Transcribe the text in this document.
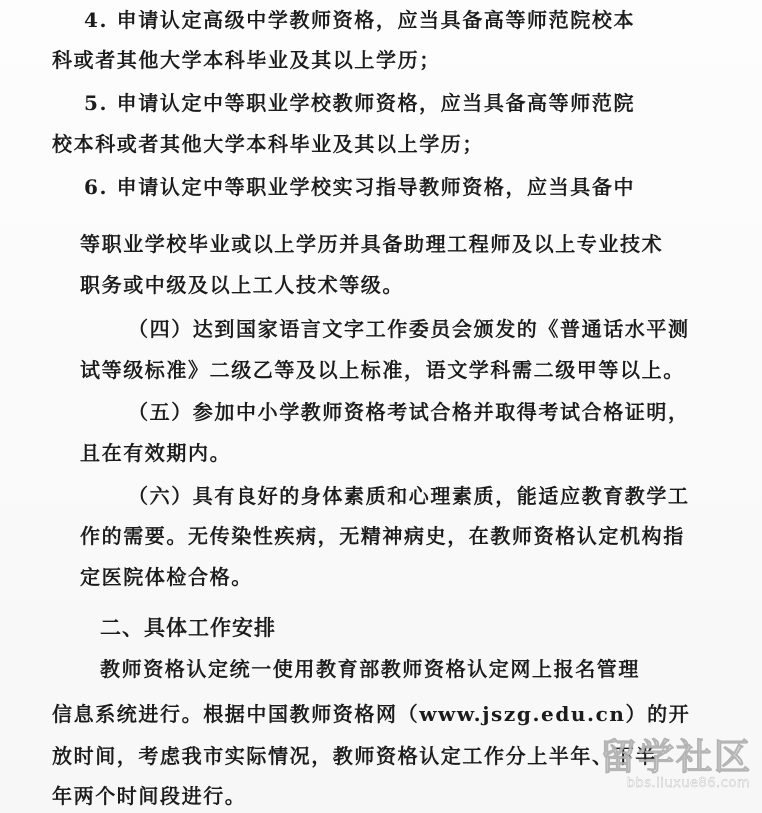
4. 申请认定高级中学教师资格，应当具备高等师范院校本
科或者其他大学本科毕业及其以上学历；
5. 申请认定中等职业学校教师资格，应当具备高等师范院
校本科或者其他大学本科毕业及其以上学历；
6. 申请认定中等职业学校实习指导教师资格，应当具备中
等职业学校毕业或以上学历并具备助理工程师及以上专业技术
职务或中级及以上工人技术等级。
（四）达到国家语言文字工作委员会颁发的《普通话水平测
试等级标准》二级乙等及以上标准，语文学科需二级甲等以上。
（五）参加中小学教师资格考试合格并取得考试合格证明，
且在有效期内。
（六）具有良好的身体素质和心理素质，能适应教育教学工
作的需要。无传染性疾病，无精神病史，在教师资格认定机构指
定医院体检合格。
二、具体工作安排
教师资格认定统一使用教育部教师资格认定网上报名管理
信息系统进行。根据中国教师资格网（www.jszg.edu.cn）的开
放时间，考虑我市实际情况，教师资格认定工作分上半年、下半
年两个时间段进行。
留学社区
bbs.liuxue86.com
